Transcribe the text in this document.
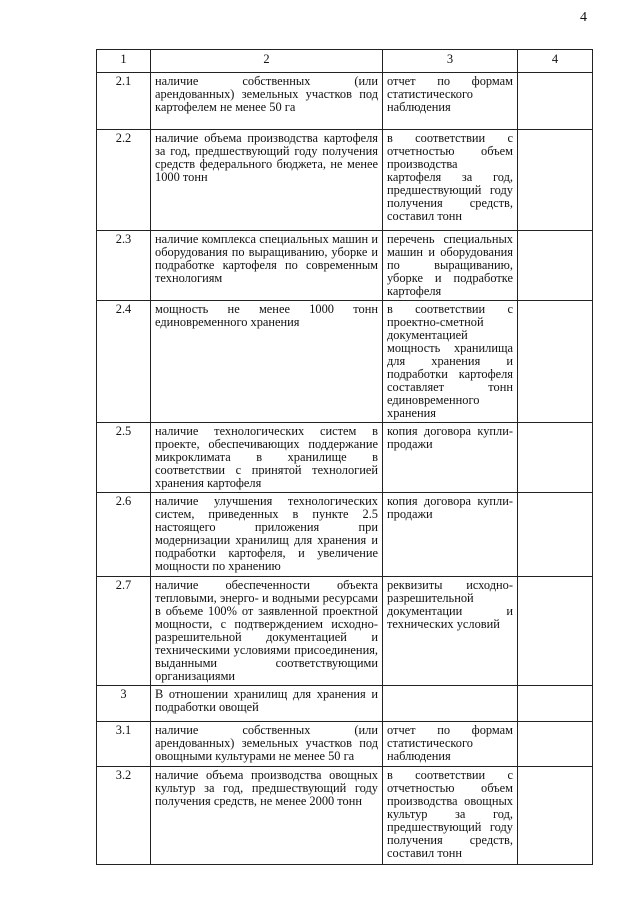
4
1	2	3	4
2.1	наличие собственных (или арендованных) земельных участков под картофелем не менее 50 га	отчет по формам статистического наблюдения	
2.2	наличие объема производства картофеля за год, предшествующий году получения средств федерального бюджета, не менее 1000 тонн	в соответствии с отчетностью объем производства картофеля за год, предшествующий году получения средств, составил тонн	
2.3	наличие комплекса специальных машин и оборудования по выращиванию, уборке и подработке картофеля по современным технологиям	перечень специальных машин и оборудования по выращиванию, уборке и подработке картофеля	
2.4	мощность не менее 1000 тонн единовременного хранения	в соответствии с проектно-сметной документацией мощность хранилища для хранения и подработки картофеля составляет тонн единовременного хранения	
2.5	наличие технологических систем в проекте, обеспечивающих поддержание микроклимата в хранилище в соответствии с принятой технологией хранения картофеля	копия договора купли-продажи	
2.6	наличие улучшения технологических систем, приведенных в пункте 2.5 настоящего приложения при модернизации хранилищ для хранения и подработки картофеля, и увеличение мощности по хранению	копия договора купли-продажи	
2.7	наличие обеспеченности объекта тепловыми, энерго- и водными ресурсами в объеме 100% от заявленной проектной мощности, с подтверждением исходно-разрешительной документацией и техническими условиями присоединения, выданными соответствующими организациями	реквизиты исходно-разрешительной документации и технических условий	
3	В отношении хранилищ для хранения и подработки овощей		
3.1	наличие собственных (или арендованных) земельных участков под овощными культурами не менее 50 га	отчет по формам статистического наблюдения	
3.2	наличие объема производства овощных культур за год, предшествующий году получения средств, не менее 2000 тонн	в соответствии с отчетностью объем производства овощных культур за год, предшествующий году получения средств, составил тонн	
